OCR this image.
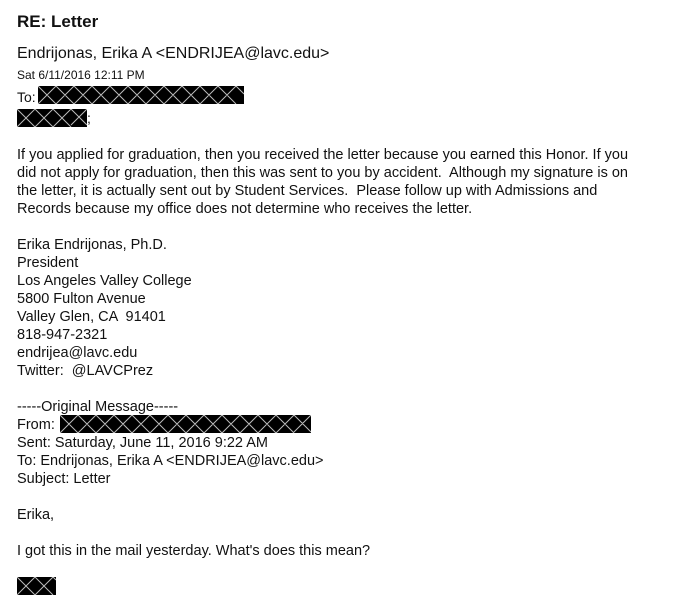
RE: Letter
Endrijonas, Erika A <ENDRIJEA@lavc.edu>
Sat 6/11/2016 12:11 PM
To:
;
If you applied for graduation, then you received the letter because you earned this Honor. If you
did not apply for graduation, then this was sent to you by accident.  Although my signature is on
the letter, it is actually sent out by Student Services.  Please follow up with Admissions and
Records because my office does not determine who receives the letter.
Erika Endrijonas, Ph.D.
President
Los Angeles Valley College
5800 Fulton Avenue
Valley Glen, CA  91401
818-947-2321
endrijea@lavc.edu
Twitter:  @LAVCPrez
-----Original Message-----
From:
Sent: Saturday, June 11, 2016 9:22 AM
To: Endrijonas, Erika A <ENDRIJEA@lavc.edu>
Subject: Letter

Erika,

I got this in the mail yesterday. What's does this mean?
